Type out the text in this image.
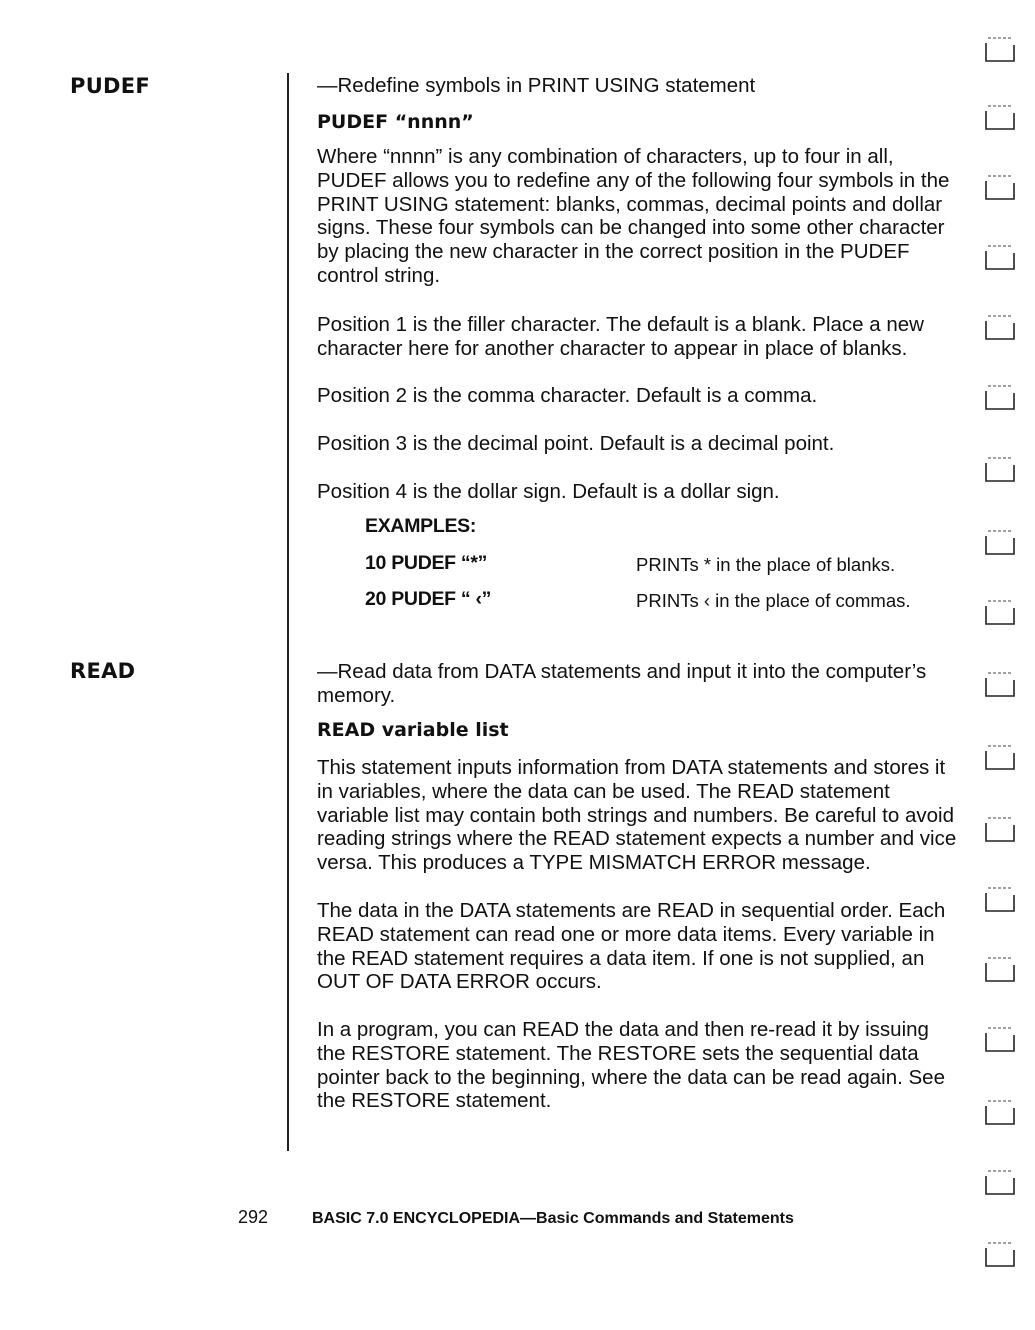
PUDEF	—Redefine symbols in PRINT USING statement

PUDEF “nnnn”

Where “nnnn” is any combination of characters, up to four in all, PUDEF allows you to redefine any of the following four symbols in the PRINT USING statement: blanks, commas, decimal points and dollar signs. These four symbols can be changed into some other character by placing the new character in the correct position in the PUDEF control string.

Position 1 is the filler character. The default is a blank. Place a new character here for another character to appear in place of blanks.

Position 2 is the comma character. Default is a comma.

Position 3 is the decimal point. Default is a decimal point.

Position 4 is the dollar sign. Default is a dollar sign.

EXAMPLES:
10 PUDEF “*”	PRINTs * in the place of blanks.
20 PUDEF “ ‹”	PRINTs ‹ in the place of commas.
READ	—Read data from DATA statements and input it into the computer’s memory.

READ variable list

This statement inputs information from DATA statements and stores it in variables, where the data can be used. The READ statement variable list may contain both strings and numbers. Be careful to avoid reading strings where the READ statement expects a number and vice versa. This produces a TYPE MISMATCH ERROR message.

The data in the DATA statements are READ in sequential order. Each READ statement can read one or more data items. Every variable in the READ statement requires a data item. If one is not supplied, an OUT OF DATA ERROR occurs.

In a program, you can READ the data and then re-read it by issuing the RESTORE statement. The RESTORE sets the sequential data pointer back to the beginning, where the data can be read again. See the RESTORE statement.

292	BASIC 7.0 ENCYCLOPEDIA—Basic Commands and Statements
